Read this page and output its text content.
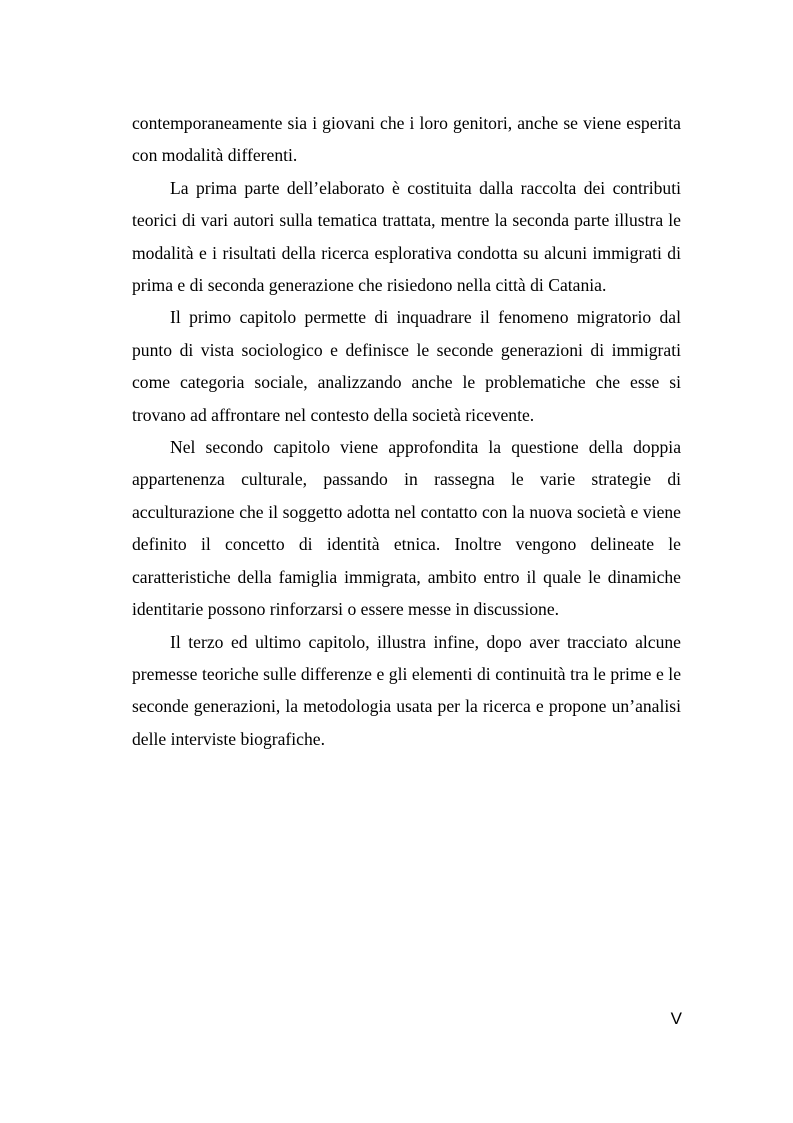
contemporaneamente sia i giovani che i loro genitori, anche se viene esperita con modalità differenti.

La prima parte dell’elaborato è costituita dalla raccolta dei contributi teorici di vari autori sulla tematica trattata, mentre la seconda parte illustra le modalità e i risultati della ricerca esplorativa condotta su alcuni immigrati di prima e di seconda generazione che risiedono nella città di Catania.

Il primo capitolo permette di inquadrare il fenomeno migratorio dal punto di vista sociologico e definisce le seconde generazioni di immigrati come categoria sociale, analizzando anche le problematiche che esse si trovano ad affrontare nel contesto della società ricevente.

Nel secondo capitolo viene approfondita la questione della doppia appartenenza culturale, passando in rassegna le varie strategie di acculturazione che il soggetto adotta nel contatto con la nuova società e viene definito il concetto di identità etnica. Inoltre vengono delineate le caratteristiche della famiglia immigrata, ambito entro il quale le dinamiche identitarie possono rinforzarsi o essere messe in discussione.

Il terzo ed ultimo capitolo, illustra infine, dopo aver tracciato alcune premesse teoriche sulle differenze e gli elementi di continuità tra le prime e le seconde generazioni, la metodologia usata per la ricerca e propone un’analisi delle interviste biografiche.

V
